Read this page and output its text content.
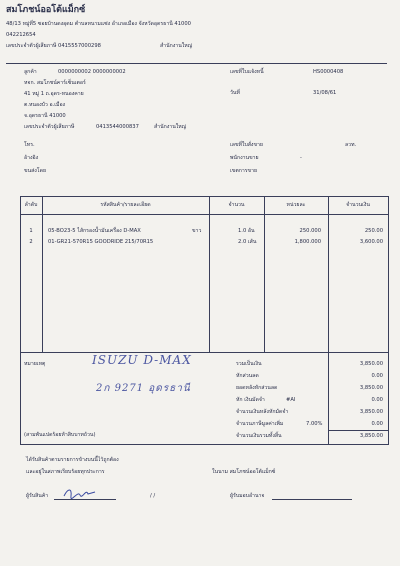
สมโภชน์ออโต้แม็กซ์
48/13 หมู่ที่5 ซอยบ้านดงอุดม ตำบลหนามแซ่ง อำเภอเมือง จังหวัดอุดรธานี 41000
042212654
เลขประจำตัวผู้เสียภาษี 0415557000298	สำนักงานใหญ่
ลูกค้า	0000000002 0000000002
หจก. สมโภชน์คาร์เซ็นเตอร์
41 หมู่ 1 ถ.อุดร-หนองคาย
ต.หนองบัว อ.เมือง
จ.อุดรธานี 41000
เลขประจำตัวผู้เสียภาษี	0413544000837	สำนักงานใหญ่
โทร.
อ้างอิง
ขนส่งโดย
เลขที่ใบแจ้งหนี้	HS0000408
วันที่	31/08/61
เลขที่ใบสั่งขาย	ลวท.
พนักงานขาย	-
เขตการขาย
ลำดับ	รหัสสินค้า/รายละเอียด	จำนวน	หน่วยละ	จำนวนเงิน
1	05-BO23-5 ไส้กรองน้ำมันเครื่อง D-MAX	ขาว	1.0 อัน	250.000	250.00
2	01-GR21-570R15 GOODRIDE 215/70R15	2.0 เส้น	1,800.000	3,600.00
หมายเหตุ	ISUZU D-MAX
2ก 9271 อุดรธานี
(สามพันแปดร้อยห้าสิบบาทถ้วน)
รวมเป็นเงิน	3,850.00
หักส่วนลด	0.00
ยอดหลังหักส่วนลด	3,850.00
หัก เงินมัดจำ	#AI	0.00
จำนวนเงินหลังหักมัดจำ	3,850.00
จำนวนภาษีมูลค่าเพิ่ม	7.00%	0.00
จำนวนเงินรวมทั้งสิ้น	3,850.00
ได้รับสินค้าตามรายการข้างบนนี้ไว้ถูกต้อง
และอยู่ในสภาพเรียบร้อยทุกประการ	ในนาม สมโภชน์ออโต้แม็กซ์
ผู้รับสินค้า	/ /	ผู้รับมอบอำนาจ
